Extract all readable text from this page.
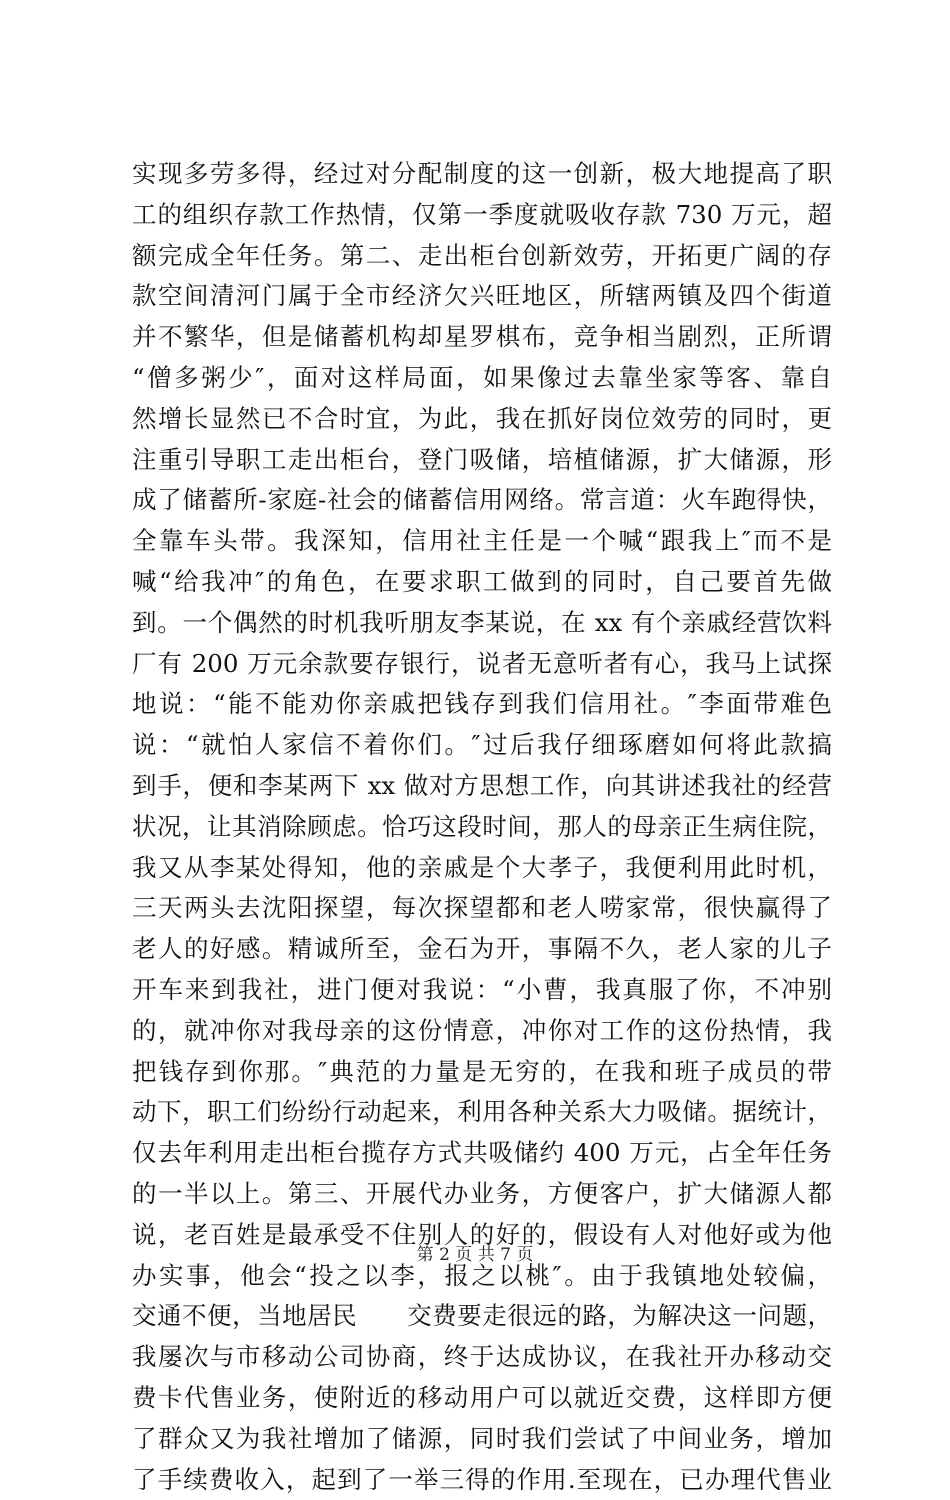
实现多劳多得，经过对分配制度的这一创新，极大地提高了职
工的组织存款工作热情，仅第一季度就吸收存款 730 万元，超
额完成全年任务。第二、走出柜台创新效劳，开拓更广阔的存
款空间清河门属于全市经济欠兴旺地区，所辖两镇及四个街道
并不繁华，但是储蓄机构却星罗棋布，竞争相当剧烈，正所谓
“僧多粥少″，面对这样局面，如果像过去靠坐家等客、靠自
然增长显然已不合时宜，为此，我在抓好岗位效劳的同时，更
注重引导职工走出柜台，登门吸储，培植储源，扩大储源，形
成了储蓄所-家庭-社会的储蓄信用网络。常言道：火车跑得快，
全靠车头带。我深知，信用社主任是一个喊“跟我上″而不是
喊“给我冲″的角色，在要求职工做到的同时，自己要首先做
到。一个偶然的时机我听朋友李某说，在 xx 有个亲戚经营饮料
厂有 200 万元余款要存银行，说者无意听者有心，我马上试探
地说：“能不能劝你亲戚把钱存到我们信用社。″李面带难色
说：“就怕人家信不着你们。″过后我仔细琢磨如何将此款搞
到手，便和李某两下 xx 做对方思想工作，向其讲述我社的经营
状况，让其消除顾虑。恰巧这段时间，那人的母亲正生病住院，
我又从李某处得知，他的亲戚是个大孝子，我便利用此时机，
三天两头去沈阳探望，每次探望都和老人唠家常，很快赢得了
老人的好感。精诚所至，金石为开，事隔不久，老人家的儿子
开车来到我社，进门便对我说：“小曹，我真服了你，不冲别
的，就冲你对我母亲的这份情意，冲你对工作的这份热情，我
把钱存到你那。″典范的力量是无穷的，在我和班子成员的带
动下，职工们纷纷行动起来，利用各种关系大力吸储。据统计，
仅去年利用走出柜台揽存方式共吸储约 400 万元，占全年任务
的一半以上。第三、开展代办业务，方便客户，扩大储源人都
说，老百姓是最承受不住别人的好的，假设有人对他好或为他
办实事，他会“投之以李，报之以桃″。由于我镇地处较偏，
交通不便，当地居民　　交费要走很远的路，为解决这一问题，
我屡次与市移动公司协商，终于达成协议，在我社开办移动交
费卡代售业务，使附近的移动用户可以就近交费，这样即方便
了群众又为我社增加了储源，同时我们尝试了中间业务，增加
了手续费收入，起到了一举三得的作用.至现在，已办理代售业
第 2 页 共 7 页
